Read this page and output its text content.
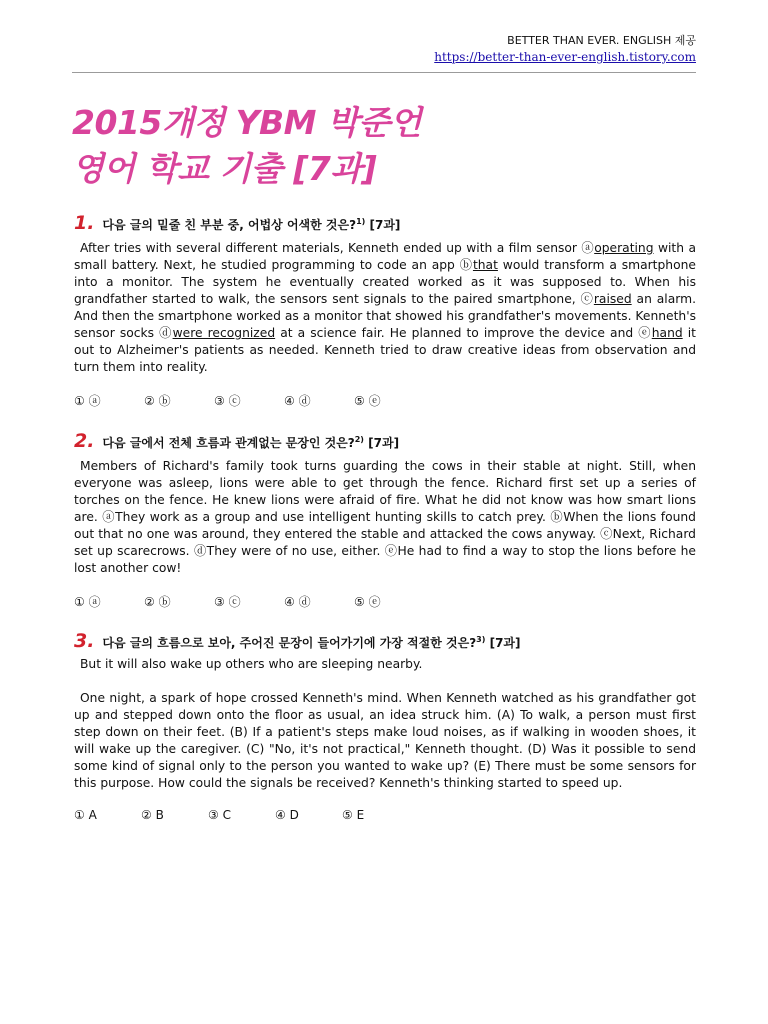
BETTER THAN EVER. ENGLISH 제공
https://better-than-ever-english.tistory.com
2015개정 YBM 박준언
영어 학교 기출 [7과]
1. 다음 글의 밑줄 친 부분 중, 어법상 어색한 것은?$^{1)}$ [7과]
After tries with several different materials, Kenneth ended up with a film sensor ⓐoperating with a small battery. Next, he studied programming to code an app ⓑthat would transform a smartphone into a monitor. The system he eventually created worked as it was supposed to. When his grandfather started to walk, the sensors sent signals to the paired smartphone, ⓒraised an alarm. And then the smartphone worked as a monitor that showed his grandfather's movements. Kenneth's sensor socks ⓓwere recognized at a science fair. He planned to improve the device and ⓔhand it out to Alzheimer's patients as needed. Kenneth tried to draw creative ideas from observation and turn them into reality.
① ⓐ	② ⓑ	③ ⓒ	④ ⓓ	⑤ ⓔ
2. 다음 글에서 전체 흐름과 관계없는 문장인 것은?$^{2)}$ [7과]
Members of Richard's family took turns guarding the cows in their stable at night. Still, when everyone was asleep, lions were able to get through the fence. Richard first set up a series of torches on the fence. He knew lions were afraid of fire. What he did not know was how smart lions are. ⓐThey work as a group and use intelligent hunting skills to catch prey. ⓑWhen the lions found out that no one was around, they entered the stable and attacked the cows anyway. ⓒNext, Richard set up scarecrows. ⓓThey were of no use, either. ⓔHe had to find a way to stop the lions before he lost another cow!
① ⓐ	② ⓑ	③ ⓒ	④ ⓓ	⑤ ⓔ
3. 다음 글의 흐름으로 보아, 주어진 문장이 들어가기에 가장 적절한 것은?$^{3)}$ [7과]
But it will also wake up others who are sleeping nearby.
One night, a spark of hope crossed Kenneth's mind. When Kenneth watched as his grandfather got up and stepped down onto the floor as usual, an idea struck him. (A) To walk, a person must first step down on their feet. (B) If a patient's steps make loud noises, as if walking in wooden shoes, it will wake up the caregiver. (C) "No, it's not practical," Kenneth thought. (D) Was it possible to send some kind of signal only to the person you wanted to wake up? (E) There must be some sensors for this purpose. How could the signals be received? Kenneth's thinking started to speed up.
① A	② B	③ C	④ D	⑤ E
